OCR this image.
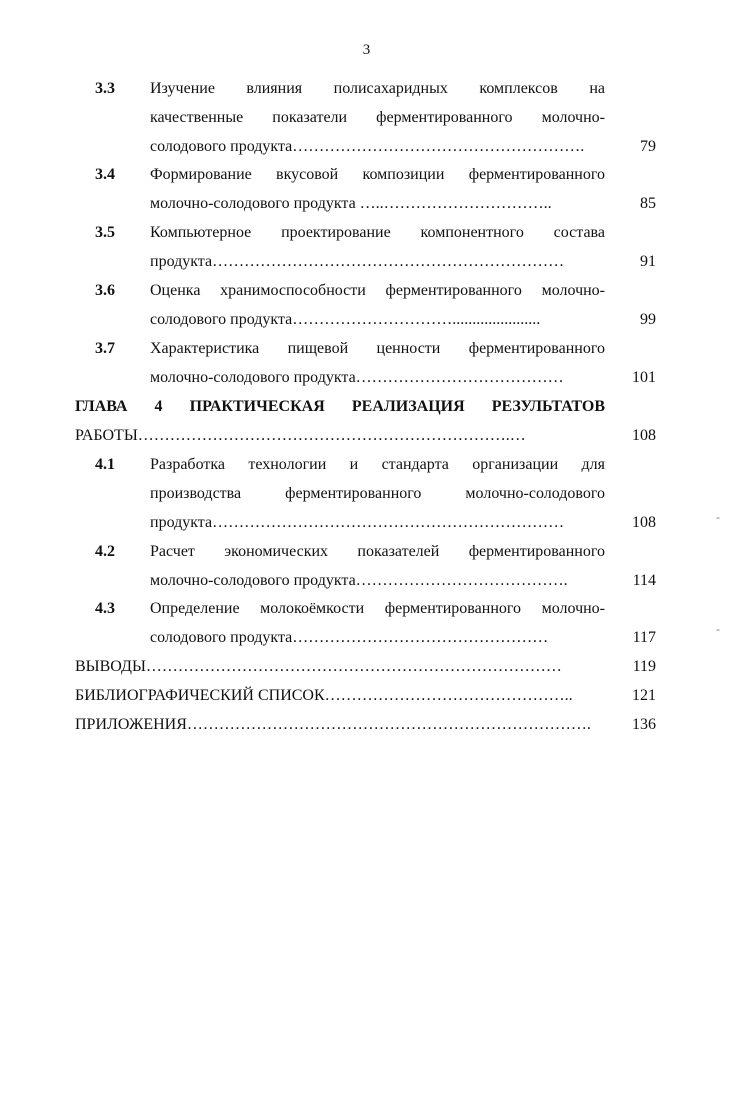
3
3.3 Изучение влияния полисахаридных комплексов на
качественные показатели ферментированного молочно-
солодового продукта……………………………………………….	79
3.4 Формирование вкусовой композиции ферментированного
молочно-солодового продукта …..…………………………..	85
3.5 Компьютерное проектирование компонентного состава
продукта…………………………………………………………	91
3.6 Оценка хранимоспособности ферментированного молочно-
солодового продукта…………………………......................	99
3.7 Характеристика пищевой ценности ферментированного
молочно-солодового продукта…………………………………	101
ГЛАВА 4 ПРАКТИЧЕСКАЯ РЕАЛИЗАЦИЯ РЕЗУЛЬТАТОВ
РАБОТЫ…………………………………………………………….…	108
4.1 Разработка технологии и стандарта организации для
производства ферментированного молочно-солодового
продукта…………………………………………………………	108
4.2 Расчет экономических показателей ферментированного
молочно-солодового продукта………………………………….	114
4.3 Определение молокоёмкости ферментированного молочно-
солодового продукта…………………………………………	117
ВЫВОДЫ……………………………………………………………………	119
БИБЛИОГРАФИЧЕСКИЙ СПИСОК………………………………………..	121
ПРИЛОЖЕНИЯ………………………………………………………………….	136
-
-
